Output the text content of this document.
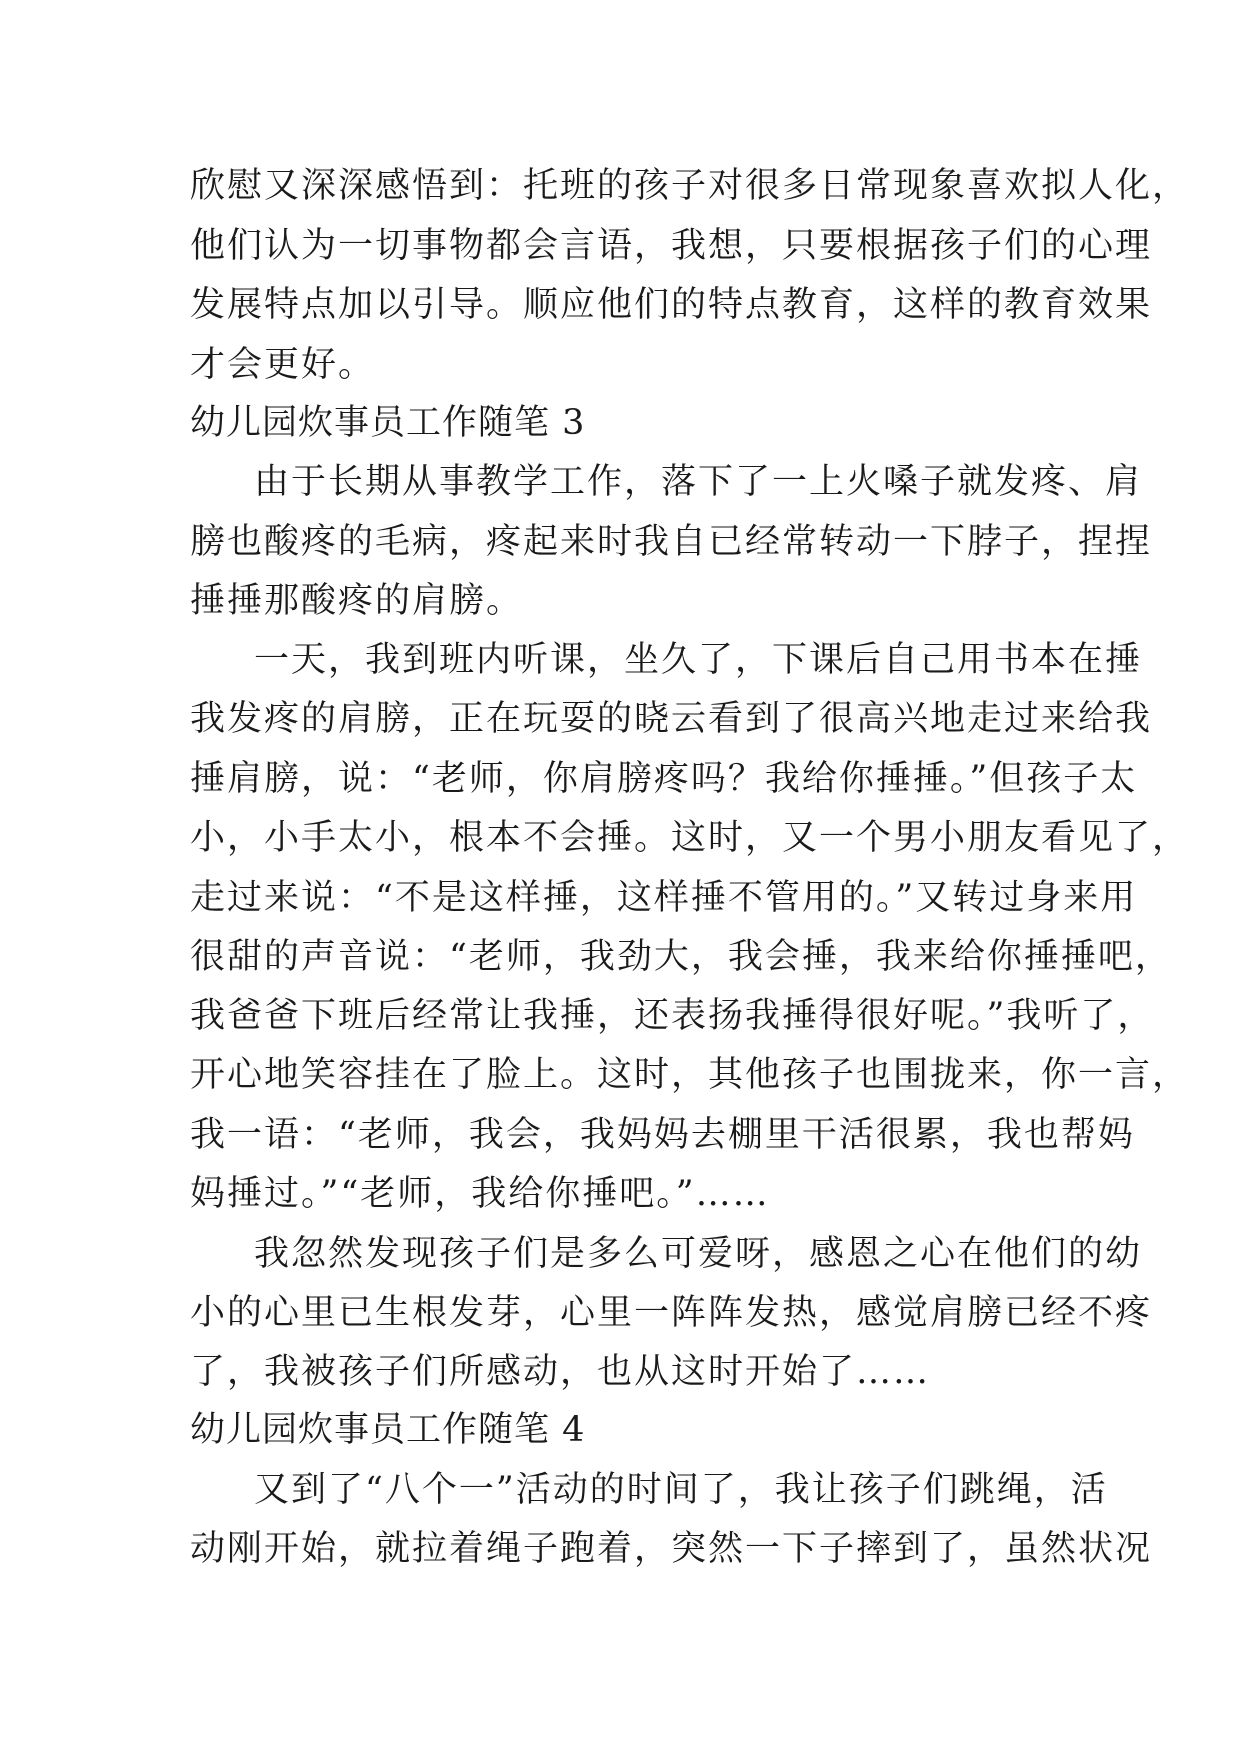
欣慰又深深感悟到：托班的孩子对很多日常现象喜欢拟人化，
他们认为一切事物都会言语，我想，只要根据孩子们的心理
发展特点加以引导。顺应他们的特点教育，这样的教育效果
才会更好。
幼儿园炊事员工作随笔 3
由于长期从事教学工作，落下了一上火嗓子就发疼、肩
膀也酸疼的毛病，疼起来时我自已经常转动一下脖子，捏捏
捶捶那酸疼的肩膀。
一天，我到班内听课，坐久了，下课后自己用书本在捶
我发疼的肩膀，正在玩耍的晓云看到了很高兴地走过来给我
捶肩膀，说：“老师，你肩膀疼吗？我给你捶捶。”但孩子太
小，小手太小，根本不会捶。这时，又一个男小朋友看见了，
走过来说：“不是这样捶，这样捶不管用的。”又转过身来用
很甜的声音说：“老师，我劲大，我会捶，我来给你捶捶吧，
我爸爸下班后经常让我捶，还表扬我捶得很好呢。”我听了，
开心地笑容挂在了脸上。这时，其他孩子也围拢来，你一言，
我一语：“老师，我会，我妈妈去棚里干活很累，我也帮妈
妈捶过。”“老师，我给你捶吧。”……
我忽然发现孩子们是多么可爱呀，感恩之心在他们的幼
小的心里已生根发芽，心里一阵阵发热，感觉肩膀已经不疼
了，我被孩子们所感动，也从这时开始了……
幼儿园炊事员工作随笔 4
又到了“八个一”活动的时间了，我让孩子们跳绳，活
动刚开始，就拉着绳子跑着，突然一下子摔到了，虽然状况
